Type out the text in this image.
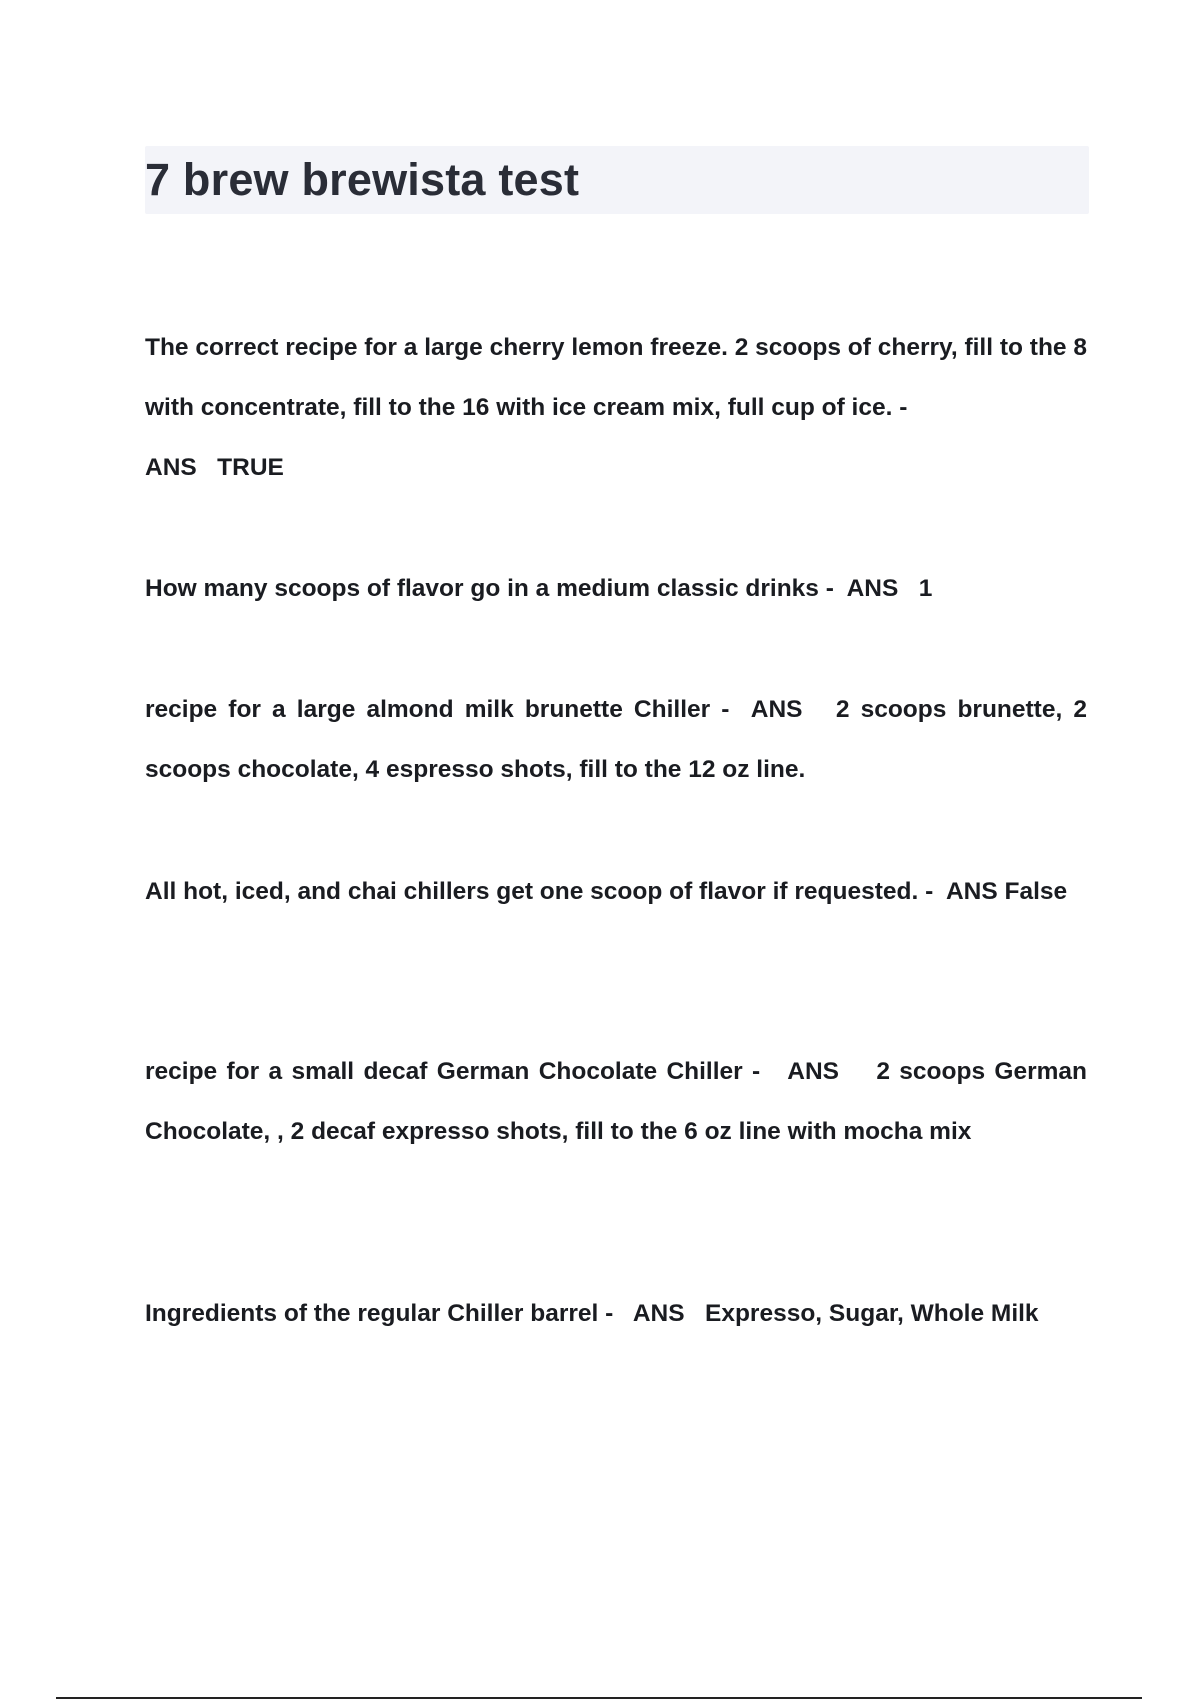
7 brew brewista test

The correct recipe for a large cherry lemon freeze. 2 scoops of cherry, fill to the 8 with concentrate, fill to the 16 with ice cream mix, full cup of ice. -
ANS   TRUE

How many scoops of flavor go in a medium classic drinks -  ANS   1

recipe for a large almond milk brunette Chiller -  ANS   2 scoops brunette, 2 scoops chocolate, 4 espresso shots, fill to the 12 oz line.

All hot, iced, and chai chillers get one scoop of flavor if requested. -  ANS False

recipe for a small decaf German Chocolate Chiller -   ANS    2 scoops German Chocolate, , 2 decaf expresso shots, fill to the 6 oz line with mocha mix

Ingredients of the regular Chiller barrel -   ANS   Expresso, Sugar, Whole Milk
